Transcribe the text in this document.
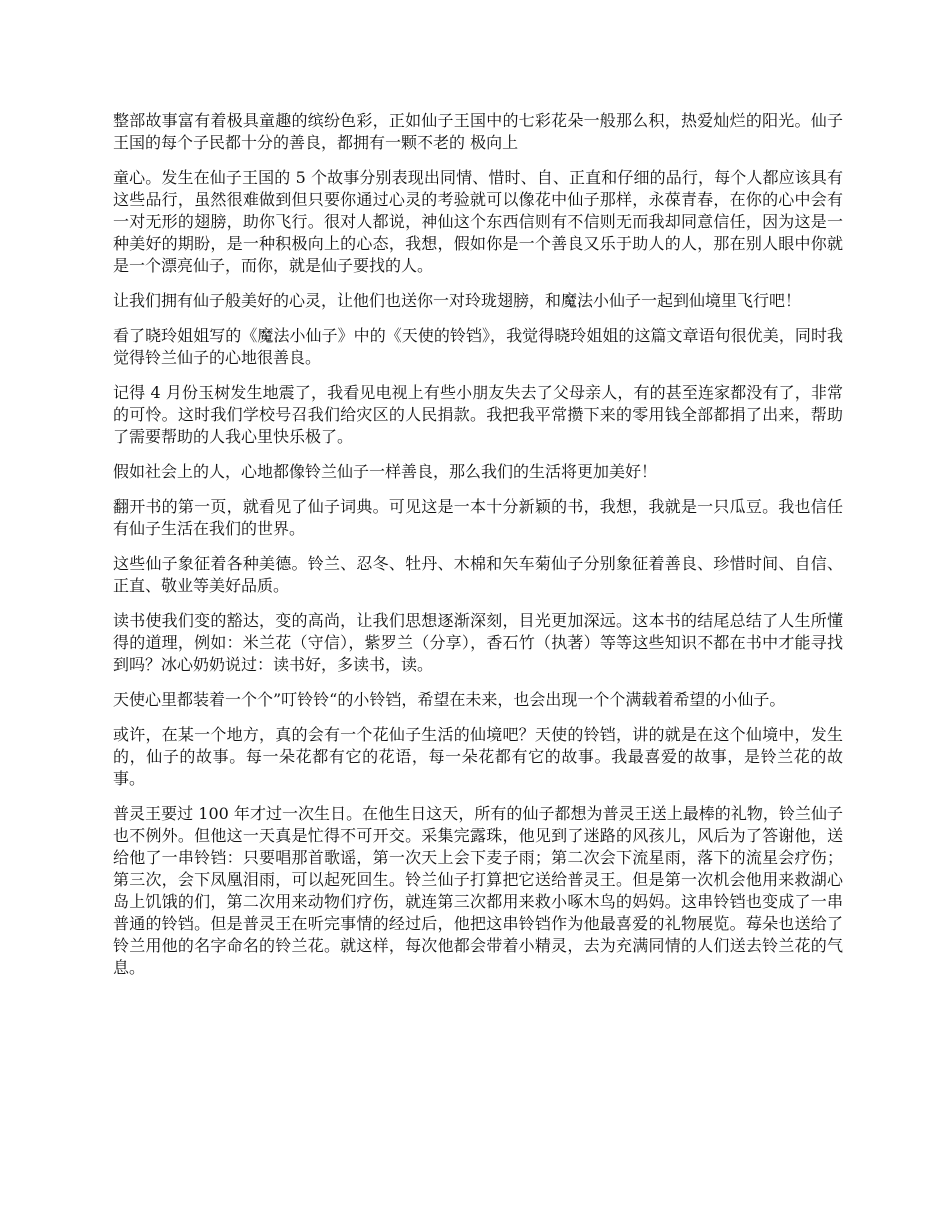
整部故事富有着极具童趣的缤纷色彩，正如仙子王国中的七彩花朵一般那么积，热爱灿烂的阳光。仙子王国的每个子民都十分的善良，都拥有一颗不老的 极向上

童心。发生在仙子王国的 5 个故事分别表现出同情、惜时、自、正直和仔细的品行，每个人都应该具有这些品行，虽然很难做到但只要你通过心灵的考验就可以像花中仙子那样，永葆青春，在你的心中会有一对无形的翅膀，助你飞行。很对人都说，神仙这个东西信则有不信则无而我却同意信任，因为这是一种美好的期盼，是一种积极向上的心态，我想，假如你是一个善良又乐于助人的人，那在别人眼中你就是一个漂亮仙子，而你，就是仙子要找的人。

让我们拥有仙子般美好的心灵，让他们也送你一对玲珑翅膀，和魔法小仙子一起到仙境里飞行吧！

看了晓玲姐姐写的《魔法小仙子》中的《天使的铃铛》，我觉得晓玲姐姐的这篇文章语句很优美，同时我觉得铃兰仙子的心地很善良。

记得 4 月份玉树发生地震了，我看见电视上有些小朋友失去了父母亲人，有的甚至连家都没有了，非常的可怜。这时我们学校号召我们给灾区的人民捐款。我把我平常攒下来的零用钱全部都捐了出来，帮助了需要帮助的人我心里快乐极了。

假如社会上的人，心地都像铃兰仙子一样善良，那么我们的生活将更加美好！

翻开书的第一页，就看见了仙子词典。可见这是一本十分新颖的书，我想，我就是一只瓜豆。我也信任有仙子生活在我们的世界。

这些仙子象征着各种美德。铃兰、忍冬、牡丹、木棉和矢车菊仙子分别象征着善良、珍惜时间、自信、正直、敬业等美好品质。

读书使我们变的豁达，变的高尚，让我们思想逐渐深刻，目光更加深远。这本书的结尾总结了人生所懂得的道理，例如：米兰花（守信），紫罗兰（分享），香石竹（执著）等等这些知识不都在书中才能寻找到吗？冰心奶奶说过：读书好，多读书，读。

天使心里都装着一个个”叮铃铃“的小铃铛，希望在未来，也会出现一个个满载着希望的小仙子。

或许，在某一个地方，真的会有一个花仙子生活的仙境吧？天使的铃铛，讲的就是在这个仙境中，发生的，仙子的故事。每一朵花都有它的花语，每一朵花都有它的故事。我最喜爱的故事，是铃兰花的故事。

普灵王要过 100 年才过一次生日。在他生日这天，所有的仙子都想为普灵王送上最棒的礼物，铃兰仙子也不例外。但他这一天真是忙得不可开交。采集完露珠，他见到了迷路的风孩儿，风后为了答谢他，送给他了一串铃铛：只要唱那首歌谣，第一次天上会下麦子雨；第二次会下流星雨，落下的流星会疗伤；第三次，会下凤凰泪雨，可以起死回生。铃兰仙子打算把它送给普灵王。但是第一次机会他用来救湖心岛上饥饿的们，第二次用来动物们疗伤，就连第三次都用来救小啄木鸟的妈妈。这串铃铛也变成了一串普通的铃铛。但是普灵王在听完事情的经过后，他把这串铃铛作为他最喜爱的礼物展览。莓朵也送给了铃兰用他的名字命名的铃兰花。就这样，每次他都会带着小精灵，去为充满同情的人们送去铃兰花的气息。
